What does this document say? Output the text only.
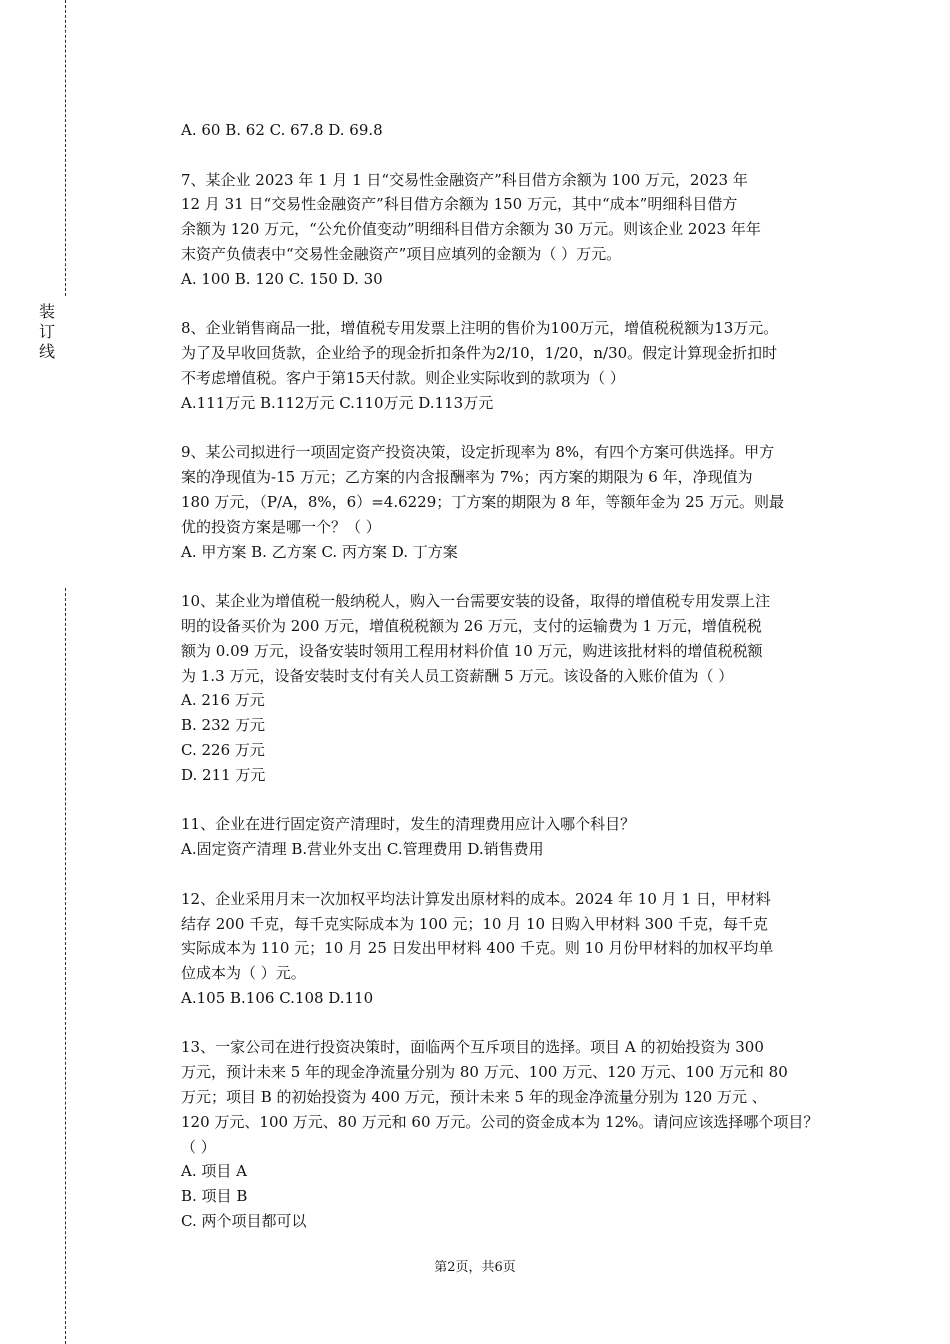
装
订
线

A. 60 B. 62 C. 67.8 D. 69.8

7、某企业 2023 年 1 月 1 日“交易性金融资产”科目借方余额为 100 万元，2023 年

12 月 31 日“交易性金融资产”科目借方余额为 150 万元，其中“成本”明细科目借方

余额为 120 万元，“公允价值变动”明细科目借方余额为 30 万元。则该企业 2023 年年

末资产负债表中“交易性金融资产”项目应填列的金额为（ ）万元。

A. 100 B. 120 C. 150 D. 30

8、企业销售商品一批，增值税专用发票上注明的售价为100万元，增值税税额为13万元。

为了及早收回货款，企业给予的现金折扣条件为2/10，1/20，n/30。假定计算现金折扣时

不考虑增值税。客户于第15天付款。则企业实际收到的款项为（ ）

A.111万元 B.112万元 C.110万元 D.113万元

9、某公司拟进行一项固定资产投资决策，设定折现率为 8%，有四个方案可供选择。甲方

案的净现值为-15 万元；乙方案的内含报酬率为 7%；丙方案的期限为 6 年，净现值为

180 万元，（P/A，8%，6）=4.6229；丁方案的期限为 8 年，等额年金为 25 万元。则最

优的投资方案是哪一个？（ ）

A. 甲方案 B. 乙方案 C. 丙方案 D. 丁方案

10、某企业为增值税一般纳税人，购入一台需要安装的设备，取得的增值税专用发票上注

明的设备买价为 200 万元，增值税税额为 26 万元，支付的运输费为 1 万元，增值税税

额为 0.09 万元，设备安装时领用工程用材料价值 10 万元，购进该批材料的增值税税额

为 1.3 万元，设备安装时支付有关人员工资薪酬 5 万元。该设备的入账价值为（ ）

A. 216 万元

B. 232 万元

C. 226 万元

D. 211 万元

11、企业在进行固定资产清理时，发生的清理费用应计入哪个科目？

A.固定资产清理 B.营业外支出 C.管理费用 D.销售费用

12、企业采用月末一次加权平均法计算发出原材料的成本。2024 年 10 月 1 日，甲材料

结存 200 千克，每千克实际成本为 100 元；10 月 10 日购入甲材料 300 千克，每千克

实际成本为 110 元；10 月 25 日发出甲材料 400 千克。则 10 月份甲材料的加权平均单

位成本为（ ）元。

A.105 B.106 C.108 D.110

13、一家公司在进行投资决策时，面临两个互斥项目的选择。项目 A 的初始投资为 300

万元，预计未来 5 年的现金净流量分别为 80 万元、100 万元、120 万元、100 万元和 80

万元；项目 B 的初始投资为 400 万元，预计未来 5 年的现金净流量分别为 120 万元 、

120 万元、100 万元、80 万元和 60 万元。公司的资金成本为 12%。请问应该选择哪个项目？

（ ）

A. 项目 A

B. 项目 B

C. 两个项目都可以

第2页，共6页
